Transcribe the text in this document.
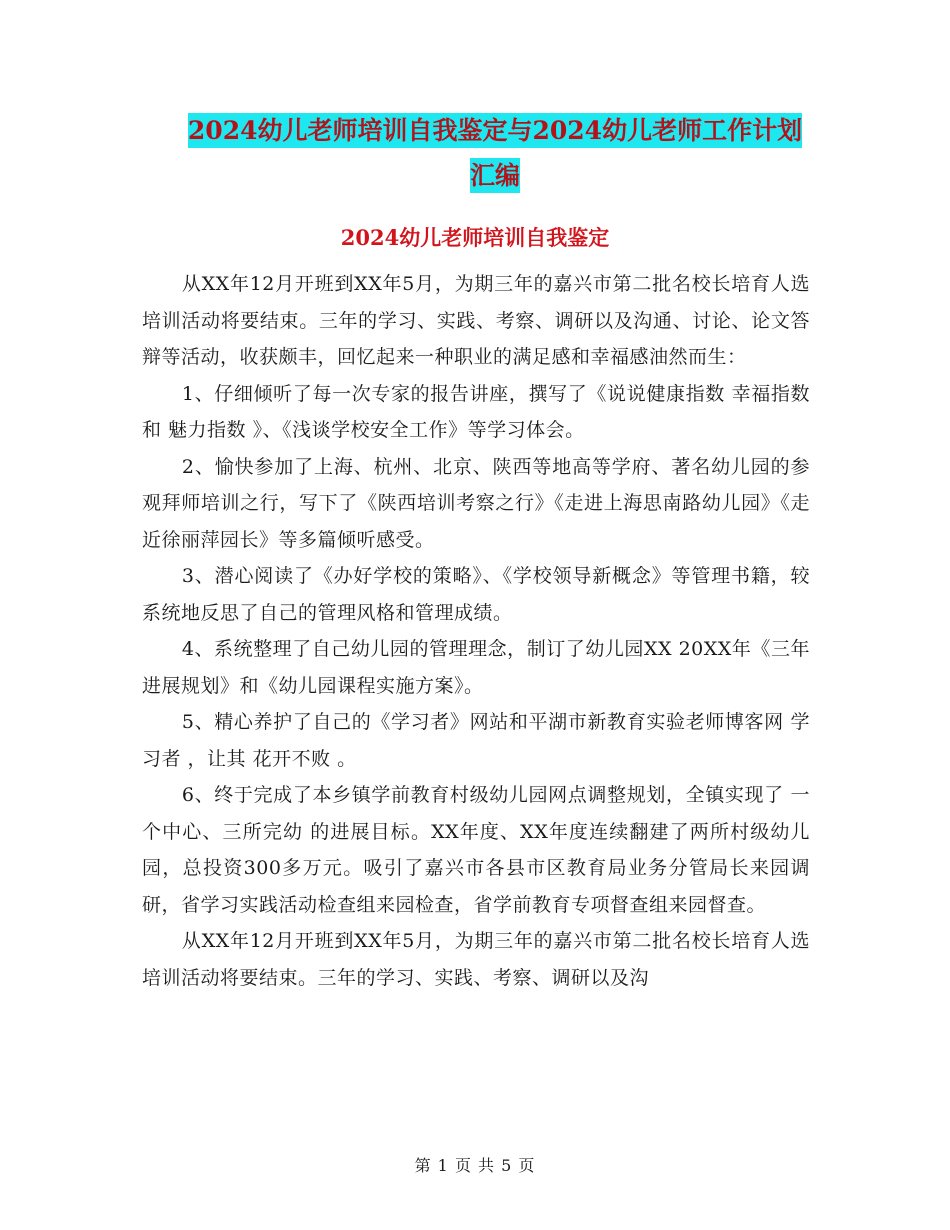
2024幼儿老师培训自我鉴定与2024幼儿老师工作计划
汇编
2024幼儿老师培训自我鉴定

从XX年12月开班到XX年5月，为期三年的嘉兴市第二批名校长培育人选培训活动将要结束。三年的学习、实践、考察、调研以及沟通、讨论、论文答辩等活动，收获颇丰，回忆起来一种职业的满足感和幸福感油然而生：

1、仔细倾听了每一次专家的报告讲座，撰写了《说说健康指数 幸福指数 和 魅力指数 》、《浅谈学校安全工作》等学习体会。

2、愉快参加了上海、杭州、北京、陕西等地高等学府、著名幼儿园的参观拜师培训之行，写下了《陕西培训考察之行》《走进上海思南路幼儿园》《走近徐丽萍园长》等多篇倾听感受。

3、潜心阅读了《办好学校的策略》、《学校领导新概念》等管理书籍，较系统地反思了自己的管理风格和管理成绩。

4、系统整理了自己幼儿园的管理理念，制订了幼儿园XX 20XX年《三年进展规划》和《幼儿园课程实施方案》。

5、精心养护了自己的《学习者》网站和平湖市新教育实验老师博客网 学习者 ，让其 花开不败 。

6、终于完成了本乡镇学前教育村级幼儿园网点调整规划，全镇实现了 一个中心、三所完幼 的进展目标。XX年度、XX年度连续翻建了两所村级幼儿园，总投资300多万元。吸引了嘉兴市各县市区教育局业务分管局长来园调研，省学习实践活动检查组来园检查，省学前教育专项督查组来园督查。

从XX年12月开班到XX年5月，为期三年的嘉兴市第二批名校长培育人选培训活动将要结束。三年的学习、实践、考察、调研以及沟

第 1 页 共 5 页
